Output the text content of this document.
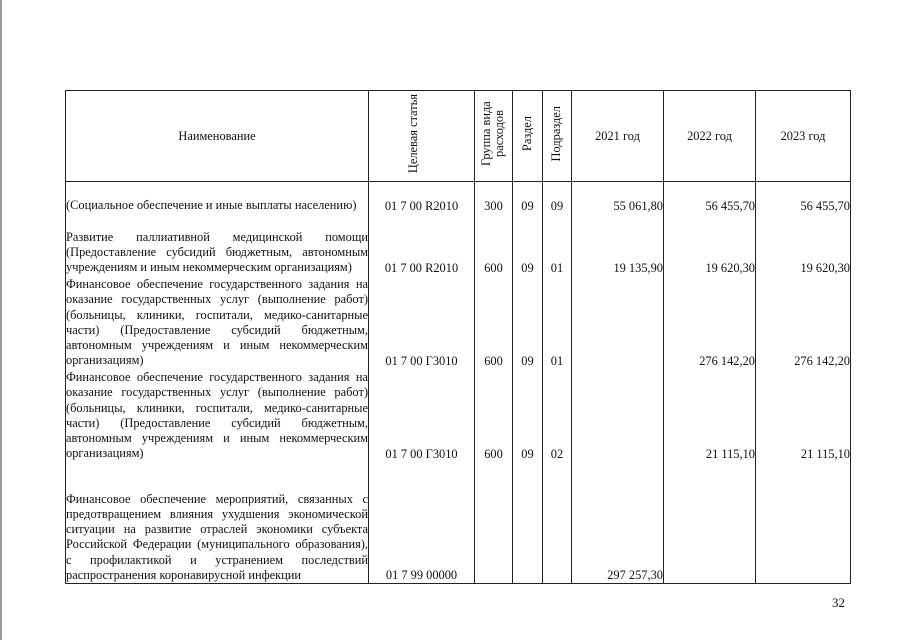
Наименование	Целевая статья	Группа вида расходов	Раздел	Подраздел	2021 год	2022 год	2023 год
(Социальное обеспечение и иные выплаты населению)	01 7 00 R2010	300	09	09	55 061,80	56 455,70	56 455,70
Развитие паллиативной медицинской помощи (Предоставление субсидий бюджетным, автономным учреждениям и иным некоммерческим организациям)	01 7 00 R2010	600	09	01	19 135,90	19 620,30	19 620,30
Финансовое обеспечение государственного задания на оказание государственных услуг (выполнение работ) (больницы, клиники, госпитали, медико-санитарные части) (Предоставление субсидий бюджетным, автономным учреждениям и иным некоммерческим организациям)	01 7 00 Г3010	600	09	01		276 142,20	276 142,20
Финансовое обеспечение государственного задания на оказание государственных услуг (выполнение работ) (больницы, клиники, госпитали, медико-санитарные части) (Предоставление субсидий бюджетным, автономным учреждениям и иным некоммерческим организациям)	01 7 00 Г3010	600	09	02		21 115,10	21 115,10
Финансовое обеспечение мероприятий, связанных с предотвращением влияния ухудшения экономической ситуации на развитие отраслей экономики субъекта Российской Федерации (муниципального образования), с профилактикой и устранением последствий распространения коронавирусной инфекции	01 7 99 00000				297 257,30		
32
